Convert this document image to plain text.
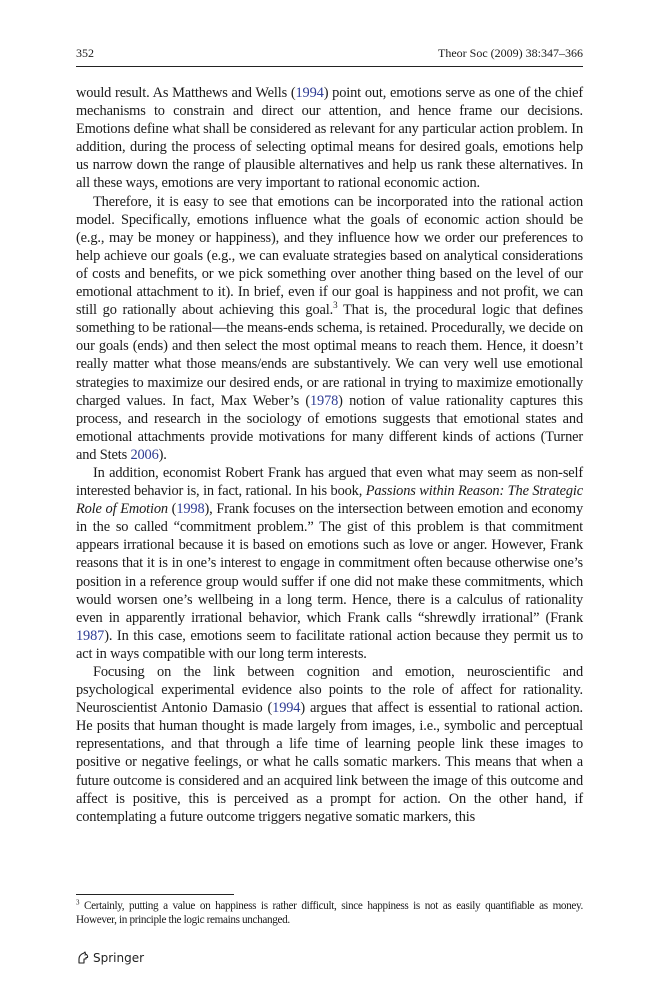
352	Theor Soc (2009) 38:347–366

would result. As Matthews and Wells (1994) point out, emotions serve as one of the chief mechanisms to constrain and direct our attention, and hence frame our decisions. Emotions define what shall be considered as relevant for any particular action problem. In addition, during the process of selecting optimal means for desired goals, emotions help us narrow down the range of plausible alternatives and help us rank these alternatives. In all these ways, emotions are very important to rational economic action.

Therefore, it is easy to see that emotions can be incorporated into the rational action model. Specifically, emotions influence what the goals of economic action should be (e.g., may be money or happiness), and they influence how we order our preferences to help achieve our goals (e.g., we can evaluate strategies based on analytical considerations of costs and benefits, or we pick something over another thing based on the level of our emotional attachment to it). In brief, even if our goal is happiness and not profit, we can still go rationally about achieving this goal.$^3$ That is, the procedural logic that defines something to be rational—the means-ends schema, is retained. Procedurally, we decide on our goals (ends) and then select the most optimal means to reach them. Hence, it doesn’t really matter what those means/ends are substantively. We can very well use emotional strategies to maximize our desired ends, or are rational in trying to maximize emotionally charged values. In fact, Max Weber’s (1978) notion of value rationality captures this process, and research in the sociology of emotions suggests that emotional states and emotional attachments provide motivations for many different kinds of actions (Turner and Stets 2006).

In addition, economist Robert Frank has argued that even what may seem as non-self interested behavior is, in fact, rational. In his book, Passions within Reason: The Strategic Role of Emotion (1998), Frank focuses on the intersection between emotion and economy in the so called “commitment problem.” The gist of this problem is that commitment appears irrational because it is based on emotions such as love or anger. However, Frank reasons that it is in one’s interest to engage in commitment often because otherwise one’s position in a reference group would suffer if one did not make these commitments, which would worsen one’s wellbeing in a long term. Hence, there is a calculus of rationality even in apparently irrational behavior, which Frank calls “shrewdly irrational” (Frank 1987). In this case, emotions seem to facilitate rational action because they permit us to act in ways compatible with our long term interests.

Focusing on the link between cognition and emotion, neuroscientific and psychological experimental evidence also points to the role of affect for rationality. Neuroscientist Antonio Damasio (1994) argues that affect is essential to rational action. He posits that human thought is made largely from images, i.e., symbolic and perceptual representations, and that through a life time of learning people link these images to positive or negative feelings, or what he calls somatic markers. This means that when a future outcome is considered and an acquired link between the image of this outcome and affect is positive, this is perceived as a prompt for action. On the other hand, if contemplating a future outcome triggers negative somatic markers, this

$^3$ Certainly, putting a value on happiness is rather difficult, since happiness is not as easily quantifiable as money. However, in principle the logic remains unchanged.
Springer
